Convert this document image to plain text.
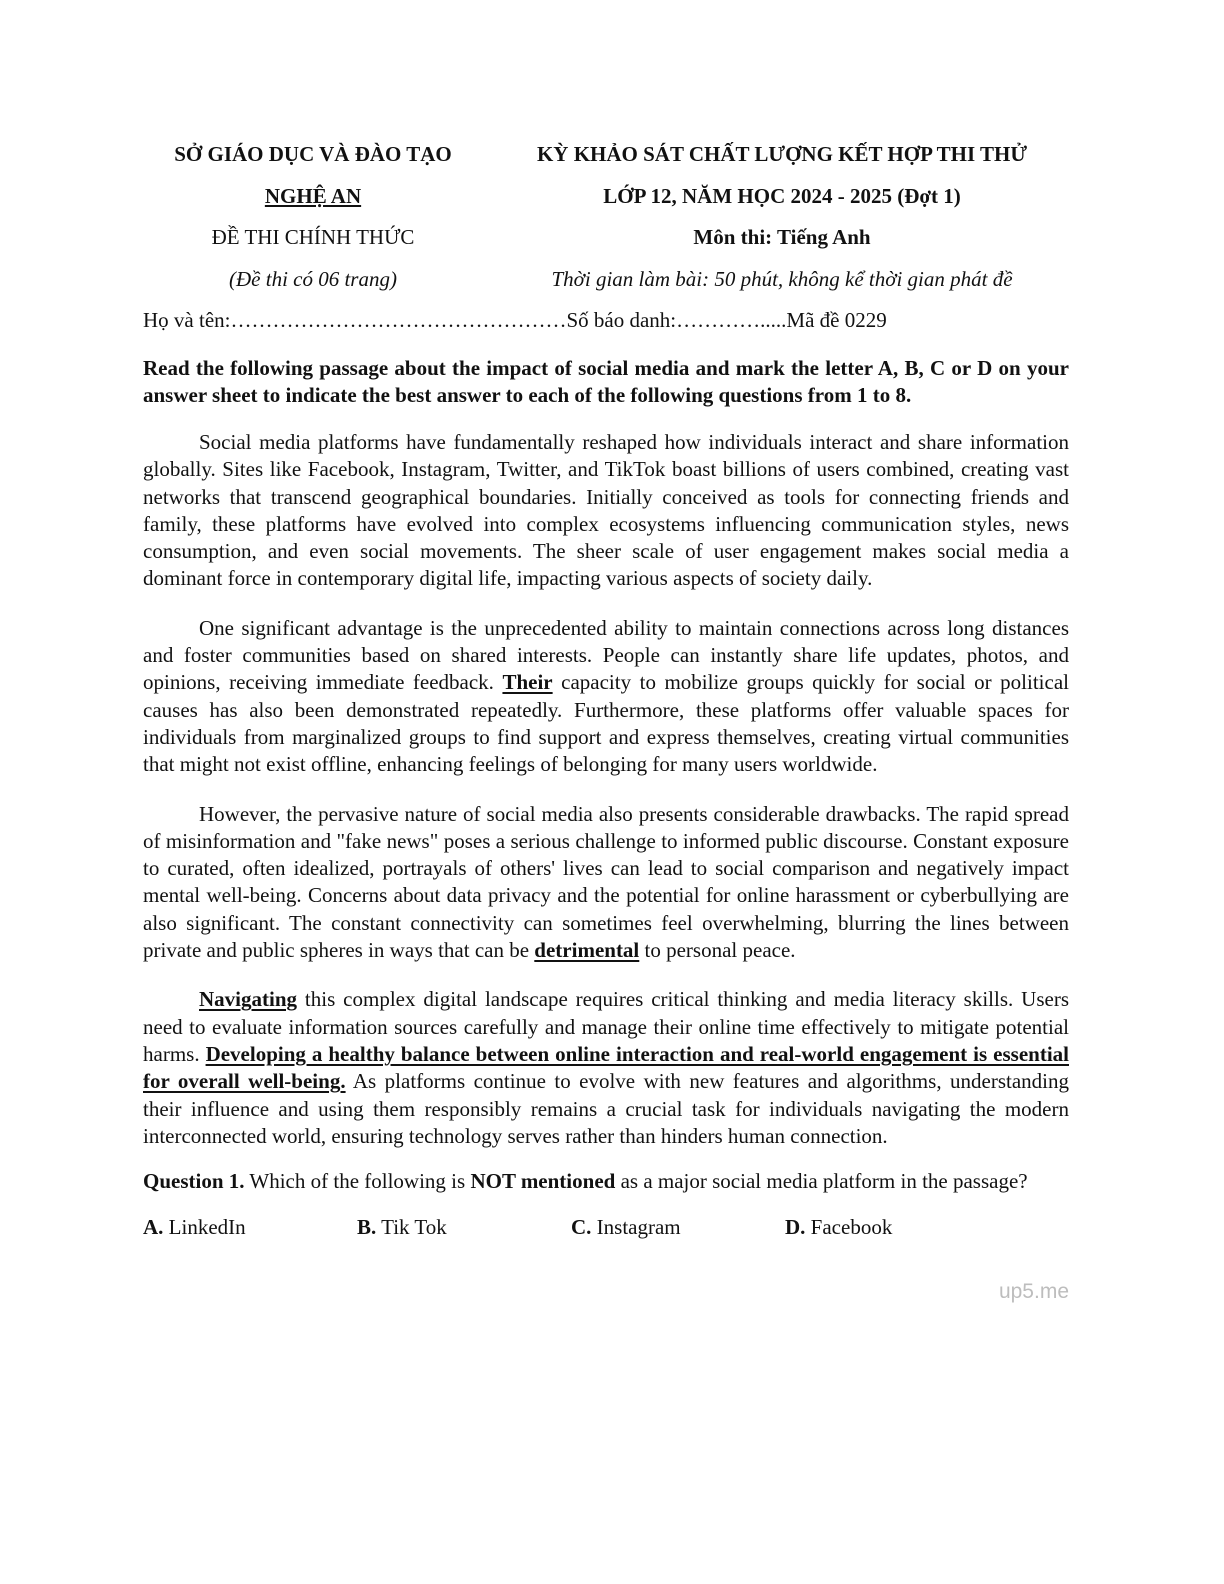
SỞ GIÁO DỤC VÀ ĐÀO TẠO	KỲ KHẢO SÁT CHẤT LƯỢNG KẾT HỢP THI THỬ
NGHỆ AN	LỚP 12, NĂM HỌC 2024 - 2025 (Đợt 1)
ĐỀ THI CHÍNH THỨC	Môn thi: Tiếng Anh
(Đề thi có 06 trang)	Thời gian làm bài: 50 phút, không kể thời gian phát đề
Họ và tên:…………………………………………Số báo danh:………….....Mã đề 0229
Read the following passage about the impact of social media and mark the letter A, B, C or D on your answer sheet to indicate the best answer to each of the following questions from 1 to 8.

Social media platforms have fundamentally reshaped how individuals interact and share information globally. Sites like Facebook, Instagram, Twitter, and TikTok boast billions of users combined, creating vast networks that transcend geographical boundaries. Initially conceived as tools for connecting friends and family, these platforms have evolved into complex ecosystems influencing communication styles, news consumption, and even social movements. The sheer scale of user engagement makes social media a dominant force in contemporary digital life, impacting various aspects of society daily.

One significant advantage is the unprecedented ability to maintain connections across long distances and foster communities based on shared interests. People can instantly share life updates, photos, and opinions, receiving immediate feedback. Their capacity to mobilize groups quickly for social or political causes has also been demonstrated repeatedly. Furthermore, these platforms offer valuable spaces for individuals from marginalized groups to find support and express themselves, creating virtual communities that might not exist offline, enhancing feelings of belonging for many users worldwide.

However, the pervasive nature of social media also presents considerable drawbacks. The rapid spread of misinformation and "fake news" poses a serious challenge to informed public discourse. Constant exposure to curated, often idealized, portrayals of others' lives can lead to social comparison and negatively impact mental well-being. Concerns about data privacy and the potential for online harassment or cyberbullying are also significant. The constant connectivity can sometimes feel overwhelming, blurring the lines between private and public spheres in ways that can be detrimental to personal peace.

Navigating this complex digital landscape requires critical thinking and media literacy skills. Users need to evaluate information sources carefully and manage their online time effectively to mitigate potential harms. Developing a healthy balance between online interaction and real-world engagement is essential for overall well-being. As platforms continue to evolve with new features and algorithms, understanding their influence and using them responsibly remains a crucial task for individuals navigating the modern interconnected world, ensuring technology serves rather than hinders human connection.

Question 1. Which of the following is NOT mentioned as a major social media platform in the passage?
A. LinkedIn	B. Tik Tok	C. Instagram	D. Facebook
up5.me
